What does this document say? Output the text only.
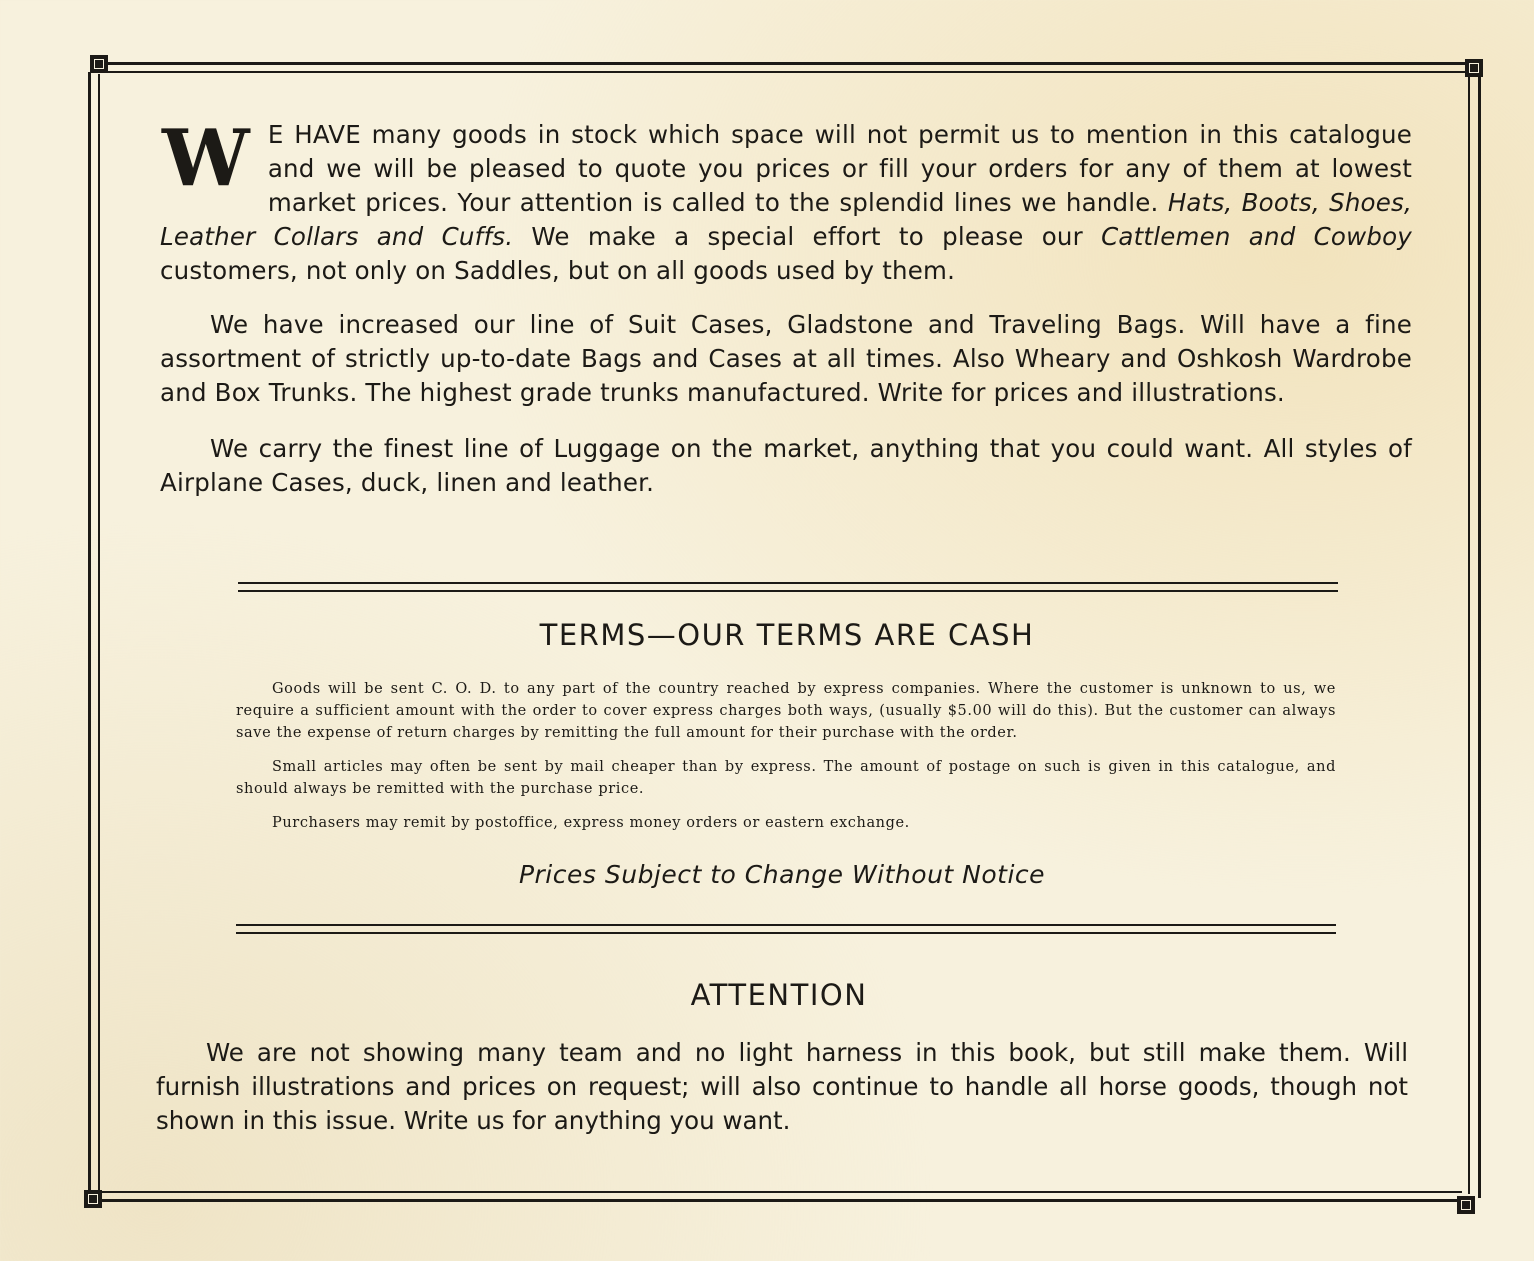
W E HAVE many goods in stock which space will not permit us to mention in this catalogue and we will be pleased to quote you prices or fill your orders for any of them at lowest market prices. Your attention is called to the splendid lines we handle. Hats, Boots, Shoes, Leather Collars and Cuffs. We make a special effort to please our Cattlemen and Cowboy customers, not only on Saddles, but on all goods used by them.

We have increased our line of Suit Cases, Gladstone and Traveling Bags. Will have a fine assortment of strictly up-to-date Bags and Cases at all times. Also Wheary and Oshkosh Wardrobe and Box Trunks. The highest grade trunks manufactured. Write for prices and illustrations.

We carry the finest line of Luggage on the market, anything that you could want. All styles of Airplane Cases, duck, linen and leather.

TERMS—OUR TERMS ARE CASH

Goods will be sent C. O. D. to any part of the country reached by express companies. Where the customer is unknown to us, we require a sufficient amount with the order to cover express charges both ways, (usually $5.00 will do this). But the customer can always save the expense of return charges by remitting the full amount for their purchase with the order.

Small articles may often be sent by mail cheaper than by express. The amount of postage on such is given in this catalogue, and should always be remitted with the purchase price.

Purchasers may remit by postoffice, express money orders or eastern exchange.

Prices Subject to Change Without Notice
ATTENTION

We are not showing many team and no light harness in this book, but still make them. Will furnish illustrations and prices on request; will also continue to handle all horse goods, though not shown in this issue. Write us for anything you want.
